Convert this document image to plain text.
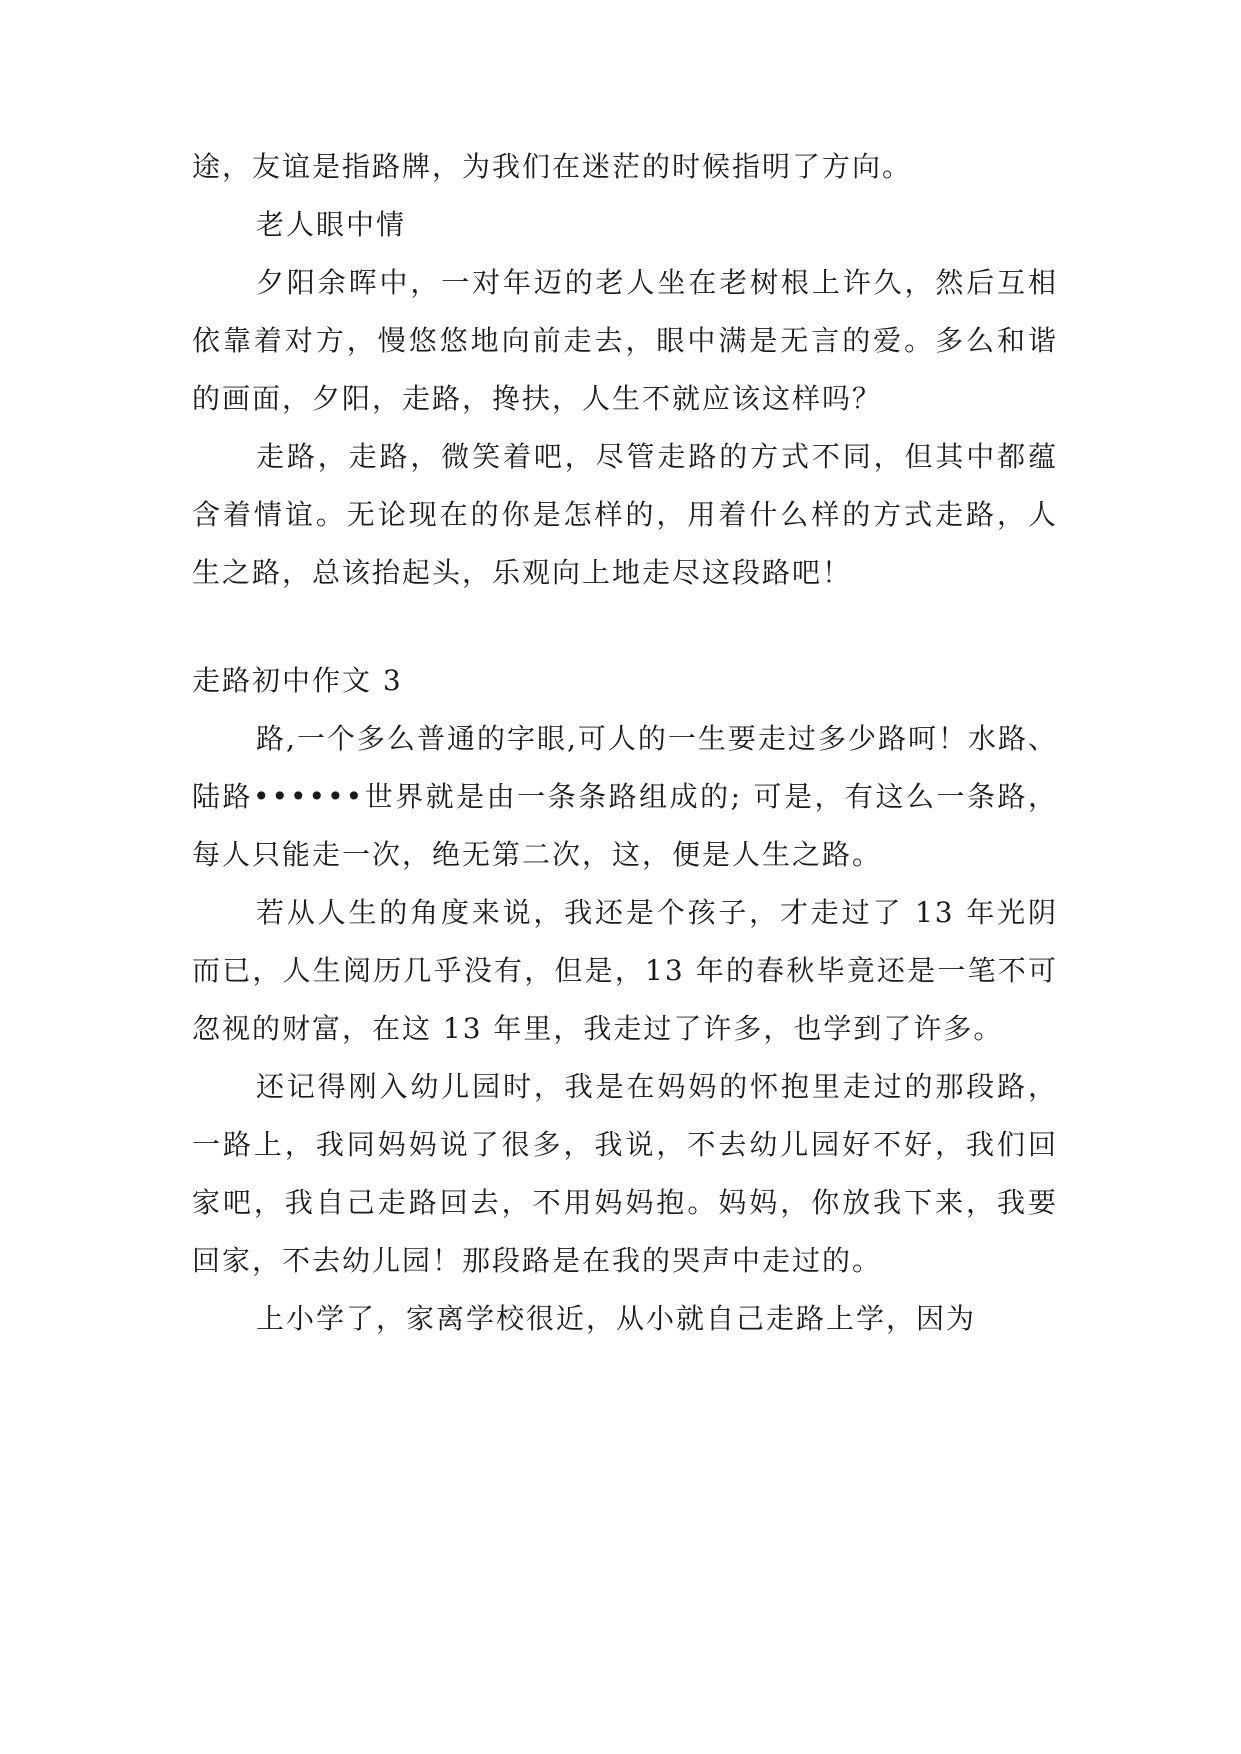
途，友谊是指路牌，为我们在迷茫的时候指明了方向。

老人眼中情

夕阳余晖中，一对年迈的老人坐在老树根上许久，然后互相依靠着对方，慢悠悠地向前走去，眼中满是无言的爱。多么和谐的画面，夕阳，走路，搀扶，人生不就应该这样吗？

走路，走路，微笑着吧，尽管走路的方式不同，但其中都蕴含着情谊。无论现在的你是怎样的，用着什么样的方式走路，人生之路，总该抬起头，乐观向上地走尽这段路吧！

走路初中作文 3

路,一个多么普通的字眼,可人的一生要走过多少路呵！水路、陆路••••••世界就是由一条条路组成的; 可是，有这么一条路，每人只能走一次，绝无第二次，这，便是人生之路。

若从人生的角度来说，我还是个孩子，才走过了 13 年光阴而已，人生阅历几乎没有，但是，13 年的春秋毕竟还是一笔不可忽视的财富，在这 13 年里，我走过了许多，也学到了许多。

还记得刚入幼儿园时，我是在妈妈的怀抱里走过的那段路，一路上，我同妈妈说了很多，我说，不去幼儿园好不好，我们回家吧，我自己走路回去，不用妈妈抱。妈妈，你放我下来，我要回家，不去幼儿园！那段路是在我的哭声中走过的。

上小学了，家离学校很近，从小就自己走路上学，因为
